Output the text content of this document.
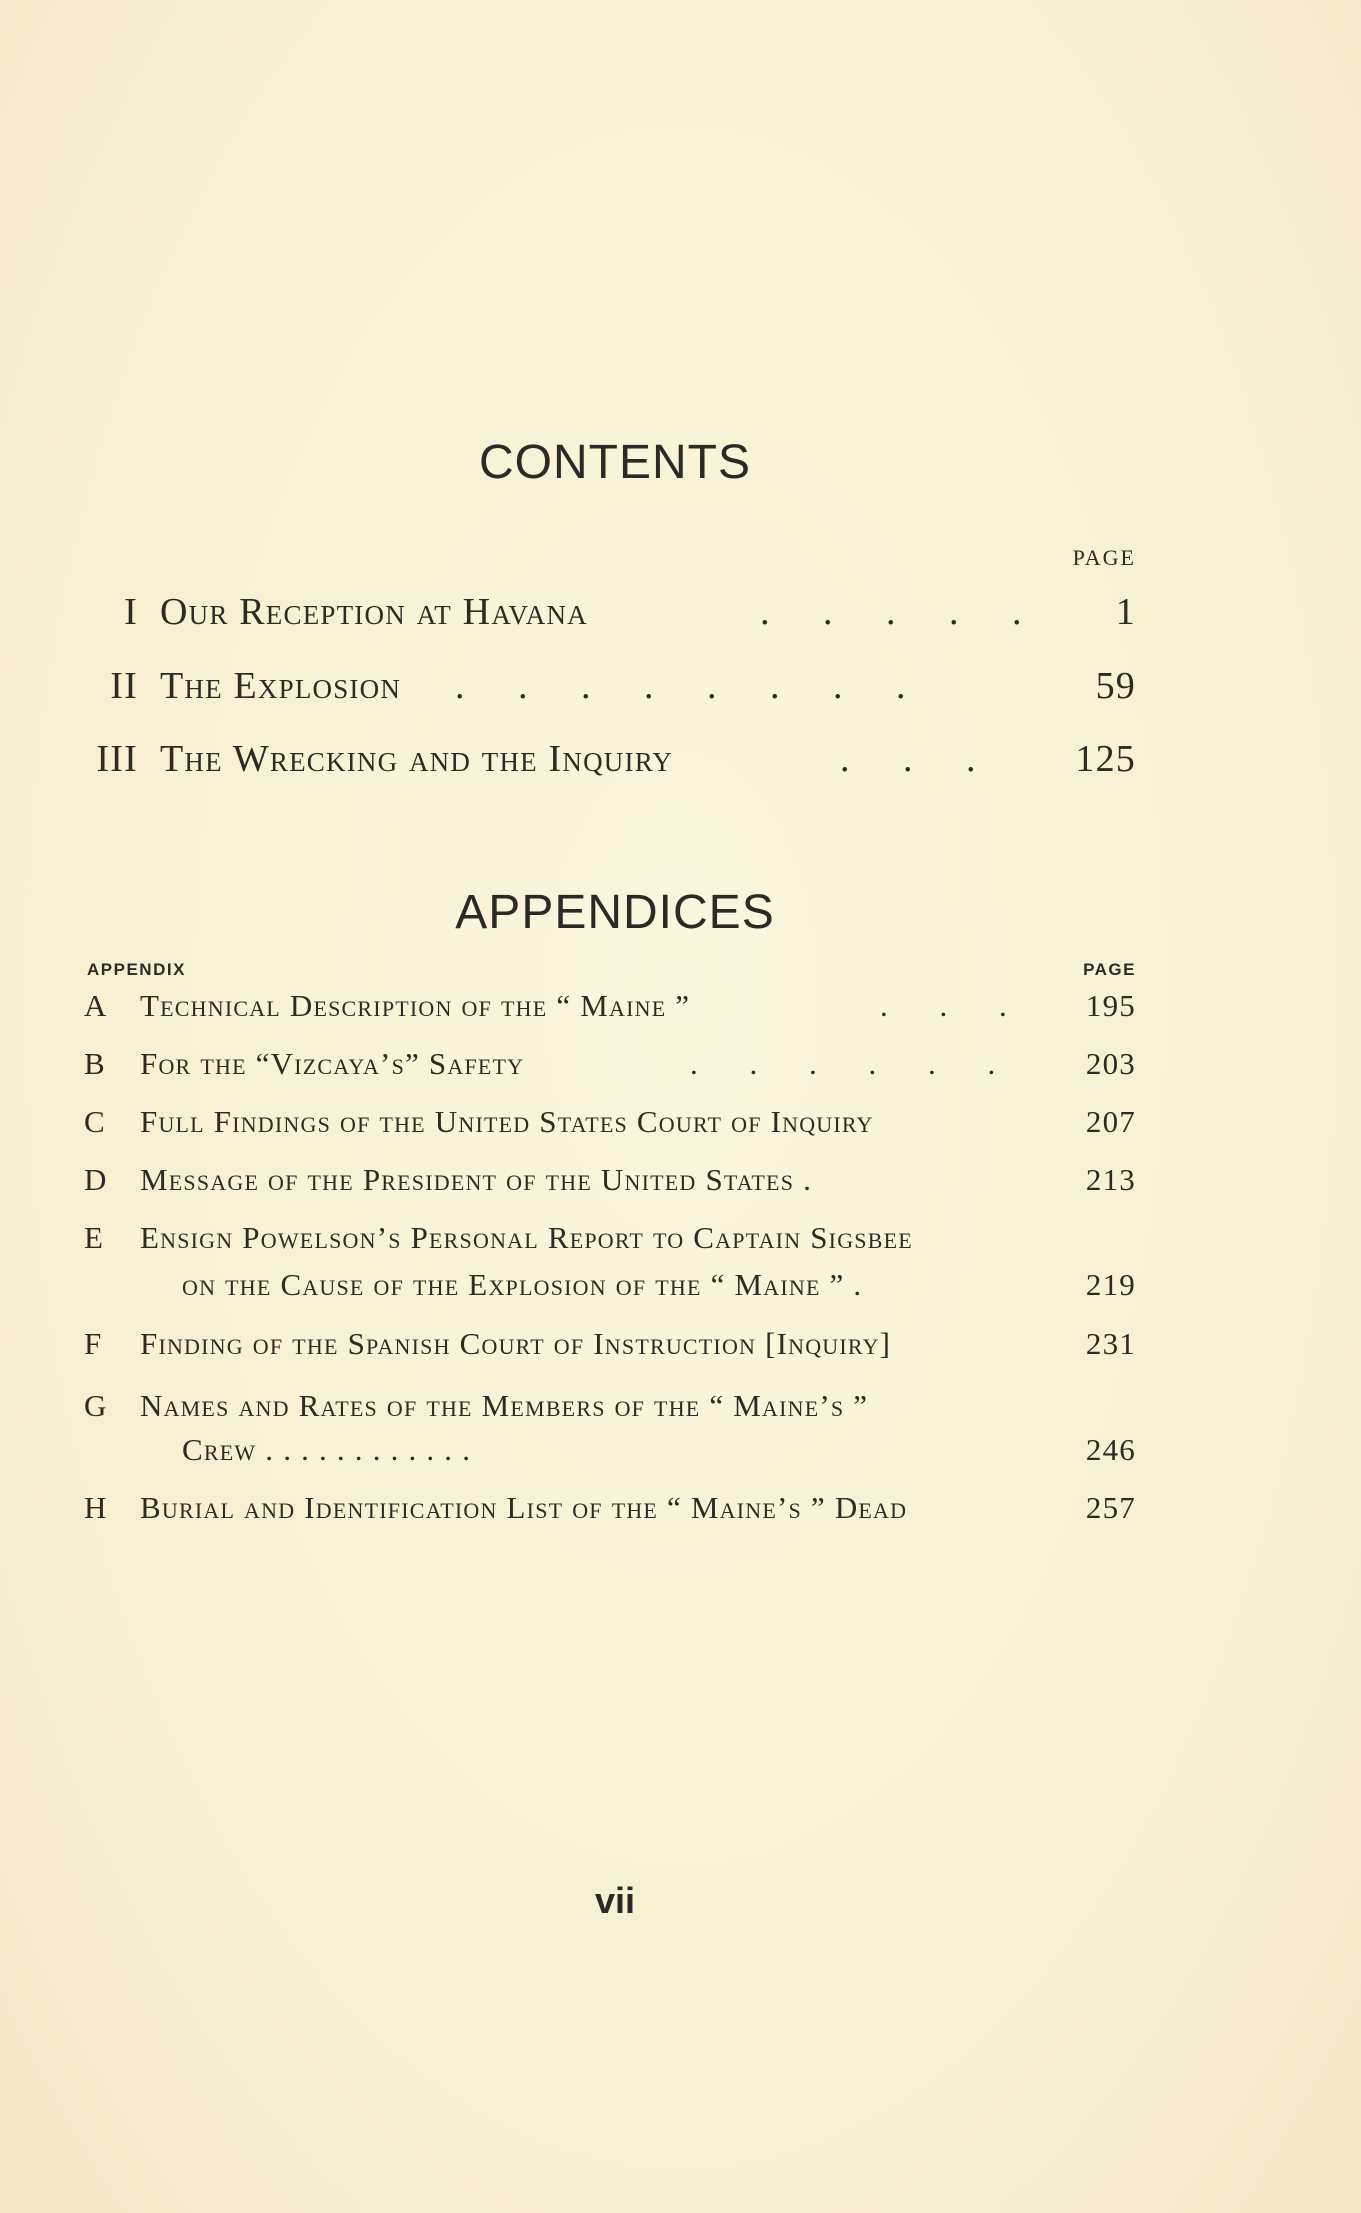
CONTENTS
PAGE
I Our Reception at Havana	. . . . . 1
II The Explosion . . . . . . . .	59
III The Wrecking and the Inquiry	. . . 125
APPENDICES
APPENDIX	PAGE
A Technical Description of the “ Maine ”	. . . 195
B For the “Vizcaya’s” Safety	. . . . . . 203
C Full Findings of the United States Court of Inquiry	207
D Message of the President of the United States .	213
E Ensign Powelson’s Personal Report to Captain Sigsbee
on the Cause of the Explosion of the “ Maine ” .	219
F Finding of the Spanish Court of Instruction [Inquiry]	231
G Names and Rates of the Members of the “ Maine’s ”
Crew . . . . . . . . . . . .	246
H Burial and Identification List of the “ Maine’s ” Dead	257
vii
